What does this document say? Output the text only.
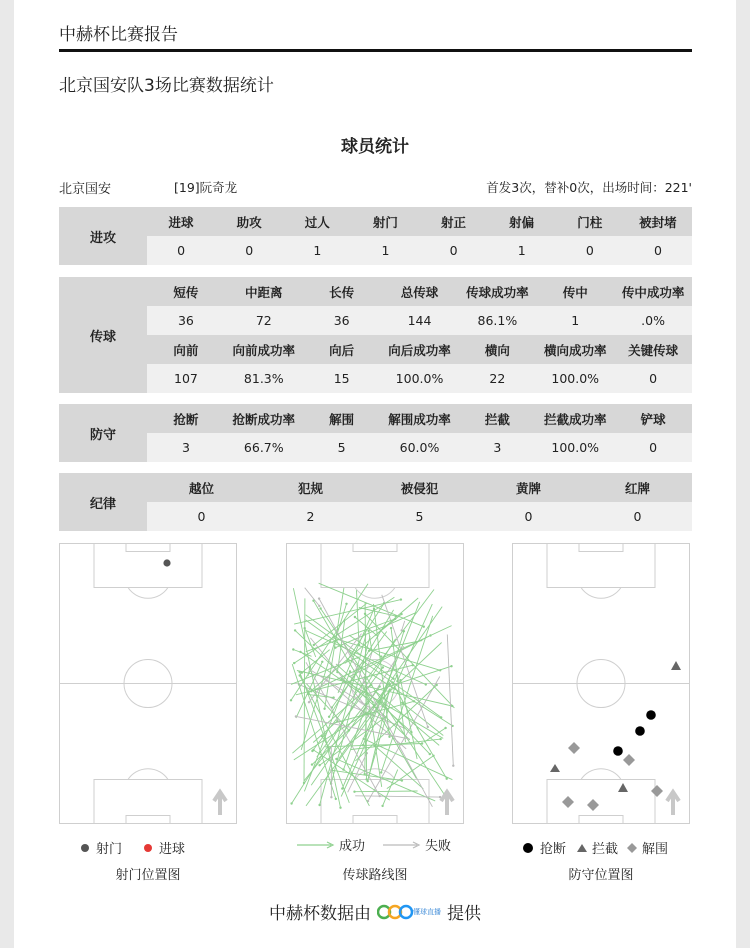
中赫杯比赛报告
北京国安队3场比赛数据统计
球员统计
北京国安	[19]阮奇龙	首发3次，替补0次，出场时间：221'
进攻
进球	助攻	过人	射门	射正	射偏	门柱	被封堵
0	0	1	1	0	1	0	0
传球
短传	中距离	长传	总传球	传球成功率	传中	传中成功率
36	72	36	144	86.1%	1	.0%
向前	向前成功率	向后	向后成功率	横向	横向成功率	关键传球
107	81.3%	15	100.0%	22	100.0%	0
防守
抢断	抢断成功率	解围	解围成功率	拦截	拦截成功率	铲球
3	66.7%	5	60.0%	3	100.0%	0
纪律
越位	犯规	被侵犯	黄牌	红牌
0	2	5	0	0
射门	进球	成功	失败	抢断 拦截 解围
射门位置图	传球路线图	防守位置图
中赫杯数据由	懂球直播 提供
